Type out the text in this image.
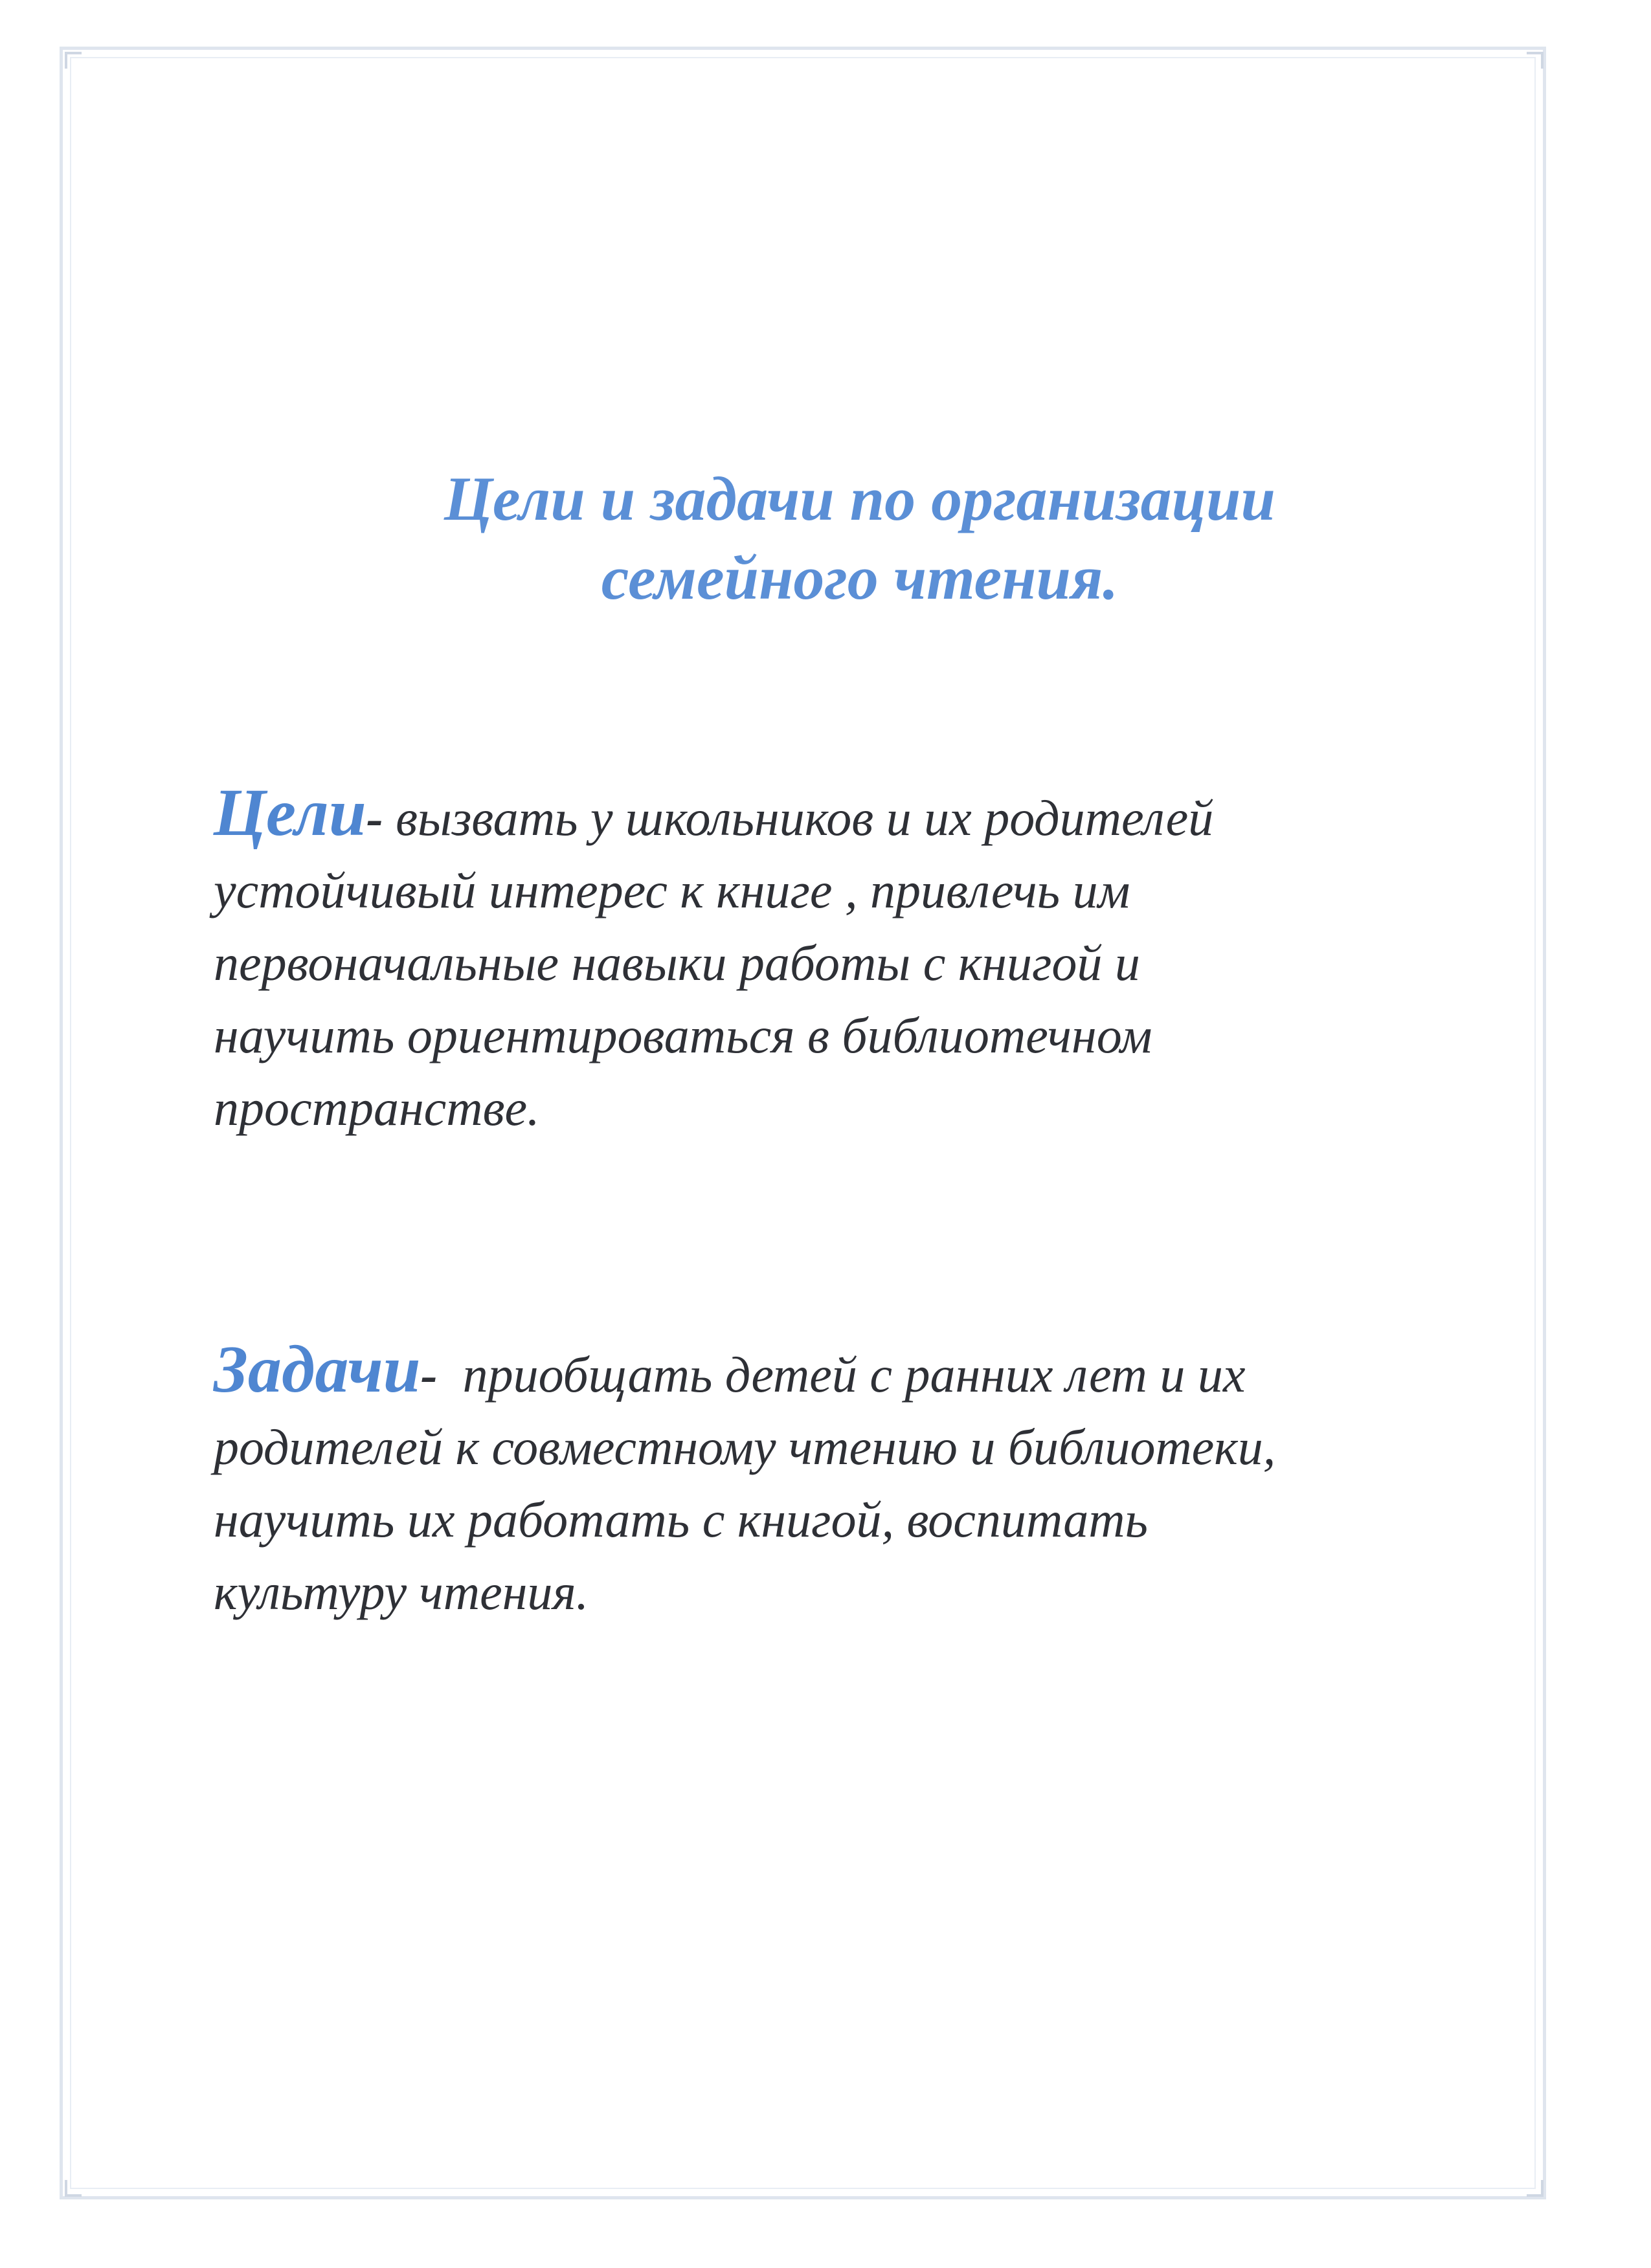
Цели и задачи по организации
семейного чтения.
Цели- вызвать у школьников и их родителей
устойчивый интерес к книге , привлечь им
первоначальные навыки работы с книгой и
научить ориентироваться в библиотечном
пространстве.
Задачи-  приобщать детей с ранних лет и их
родителей к совместному чтению и библиотеки,
научить их работать с книгой, воспитать
культуру чтения.
